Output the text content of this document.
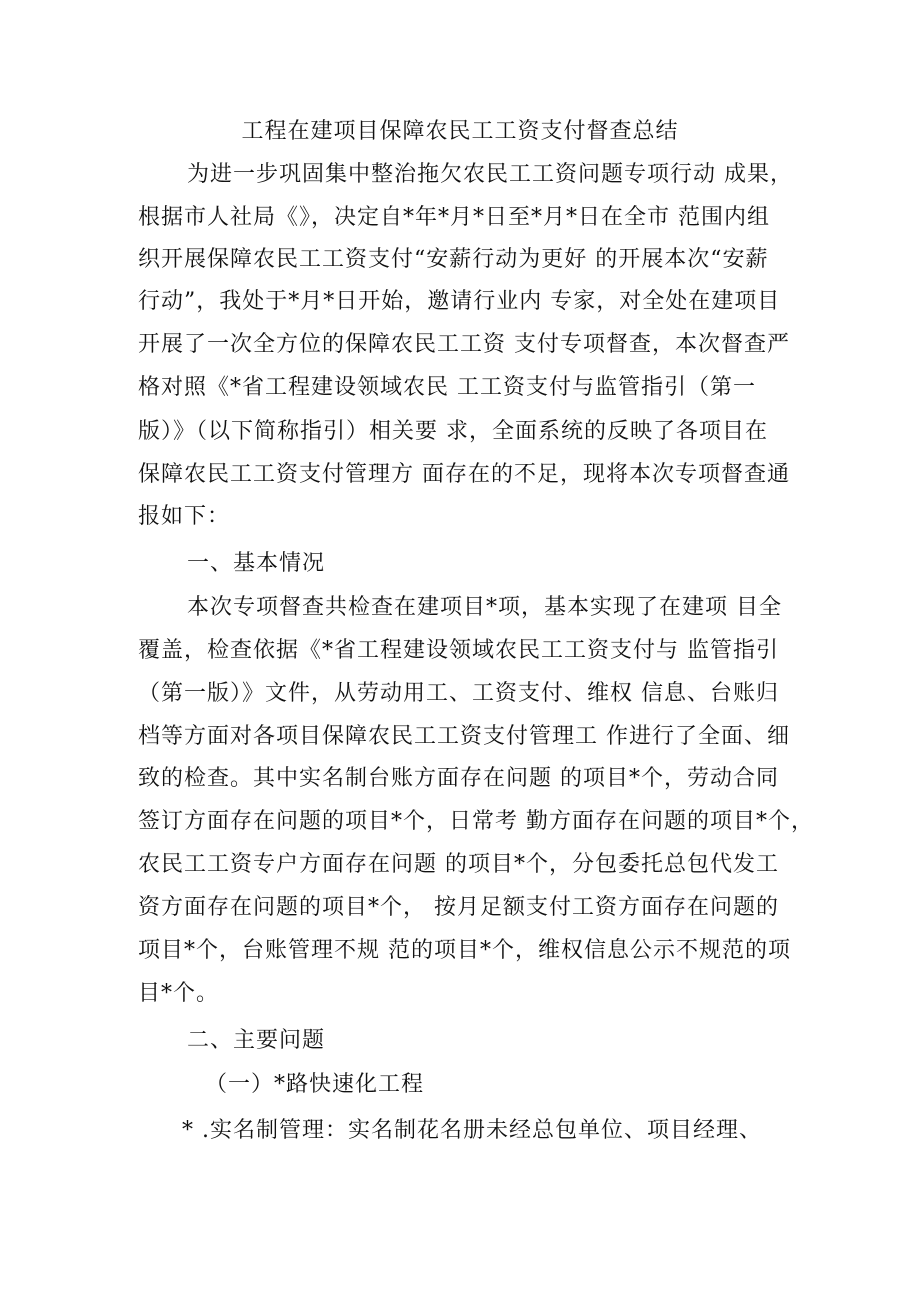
工程在建项目保障农民工工资支付督查总结
为进一步巩固集中整治拖欠农民工工资问题专项行动 成果，
根据市人社局《》，决定自*年*月*日至*月*日在全市 范围内组
织开展保障农民工工资支付“安薪行动为更好 的开展本次“安薪
行动”，我处于*月*日开始，邀请行业内 专家，对全处在建项目
开展了一次全方位的保障农民工工资 支付专项督查，本次督查严
格对照《*省工程建设领域农民 工工资支付与监管指引（第一
版）》（以下简称指引）相关要 求，全面系统的反映了各项目在
保障农民工工资支付管理方 面存在的不足，现将本次专项督查通
报如下：
一、基本情况
本次专项督查共检查在建项目*项，基本实现了在建项 目全
覆盖，检查依据《*省工程建设领域农民工工资支付与 监管指引
（第一版）》文件，从劳动用工、工资支付、维权 信息、台账归
档等方面对各项目保障农民工工资支付管理工 作进行了全面、细
致的检查。其中实名制台账方面存在问题 的项目*个，劳动合同
签订方面存在问题的项目*个，日常考 勤方面存在问题的项目*个，
农民工工资专户方面存在问题 的项目*个，分包委托总包代发工
资方面存在问题的项目*个， 按月足额支付工资方面存在问题的
项目*个，台账管理不规 范的项目*个，维权信息公示不规范的项
目*个。
二、主要问题
（一）*路快速化工程
* .实名制管理：实名制花名册未经总包单位、项目经理、
